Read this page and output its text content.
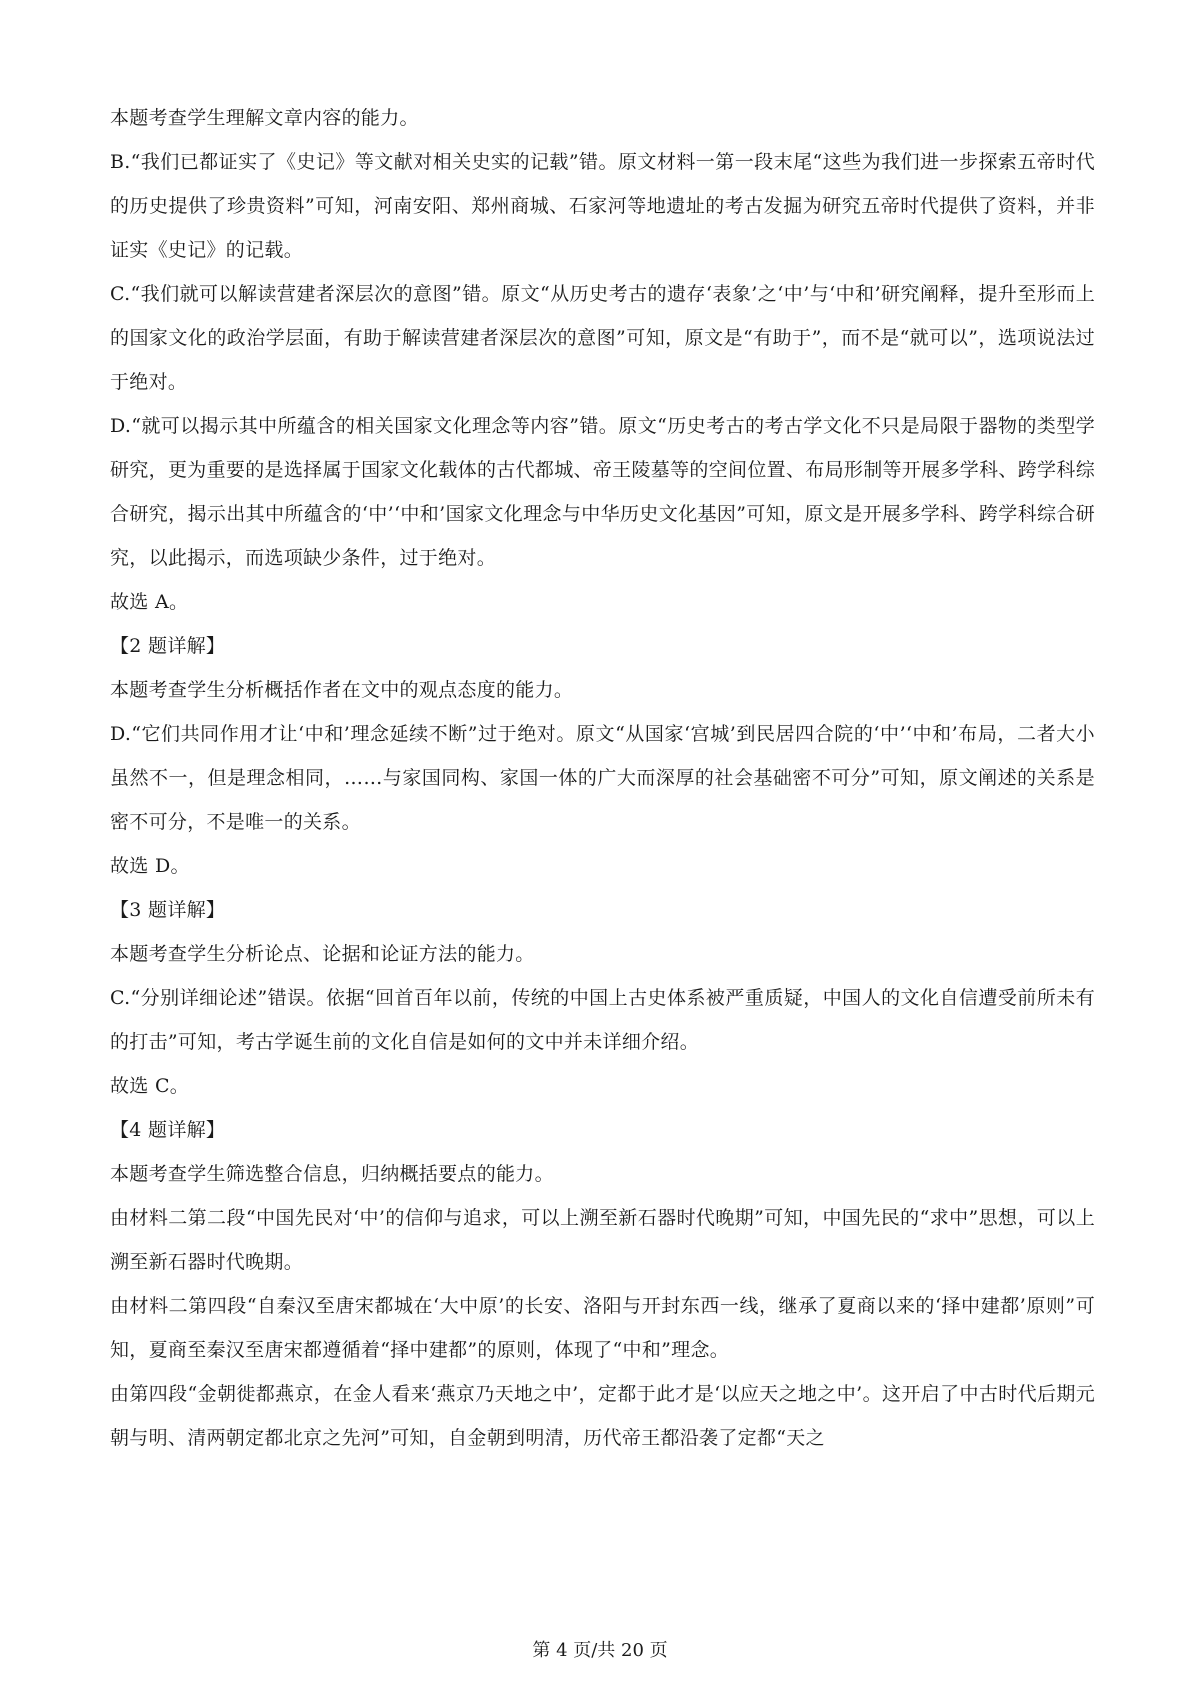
本题考查学生理解文章内容的能力。

B.“我们已都证实了《史记》等文献对相关史实的记载”错。原文材料一第一段末尾“这些为我们进一步探索五帝时代的历史提供了珍贵资料”可知，河南安阳、郑州商城、石家河等地遗址的考古发掘为研究五帝时代提供了资料，并非证实《史记》的记载。

C.“我们就可以解读营建者深层次的意图”错。原文“从历史考古的遗存‘表象’之‘中’与‘中和’研究阐释，提升至形而上的国家文化的政治学层面，有助于解读营建者深层次的意图”可知，原文是“有助于”，而不是“就可以”，选项说法过于绝对。

D.“就可以揭示其中所蕴含的相关国家文化理念等内容”错。原文“历史考古的考古学文化不只是局限于器物的类型学研究，更为重要的是选择属于国家文化载体的古代都城、帝王陵墓等的空间位置、布局形制等开展多学科、跨学科综合研究，揭示出其中所蕴含的‘中’‘中和’国家文化理念与中华历史文化基因”可知，原文是开展多学科、跨学科综合研究，以此揭示，而选项缺少条件，过于绝对。

故选 A。

【2 题详解】

本题考查学生分析概括作者在文中的观点态度的能力。

D.“它们共同作用才让‘中和’理念延续不断”过于绝对。原文“从国家‘宫城’到民居四合院的‘中’‘中和’布局，二者大小虽然不一，但是理念相同，……与家国同构、家国一体的广大而深厚的社会基础密不可分”可知，原文阐述的关系是密不可分，不是唯一的关系。

故选 D。

【3 题详解】

本题考查学生分析论点、论据和论证方法的能力。

C.“分别详细论述”错误。依据“回首百年以前，传统的中国上古史体系被严重质疑，中国人的文化自信遭受前所未有的打击”可知，考古学诞生前的文化自信是如何的文中并未详细介绍。

故选 C。

【4 题详解】

本题考查学生筛选整合信息，归纳概括要点的能力。

由材料二第二段“中国先民对‘中’的信仰与追求，可以上溯至新石器时代晚期”可知，中国先民的“求中”思想，可以上溯至新石器时代晚期。

由材料二第四段“自秦汉至唐宋都城在‘大中原’的长安、洛阳与开封东西一线，继承了夏商以来的‘择中建都’原则”可知，夏商至秦汉至唐宋都遵循着“择中建都”的原则，体现了“中和”理念。

由第四段“金朝徙都燕京，在金人看来‘燕京乃天地之中’，定都于此才是‘以应天之地之中’。这开启了中古时代后期元朝与明、清两朝定都北京之先河”可知，自金朝到明清，历代帝王都沿袭了定都“天之

第 4 页/共 20 页
